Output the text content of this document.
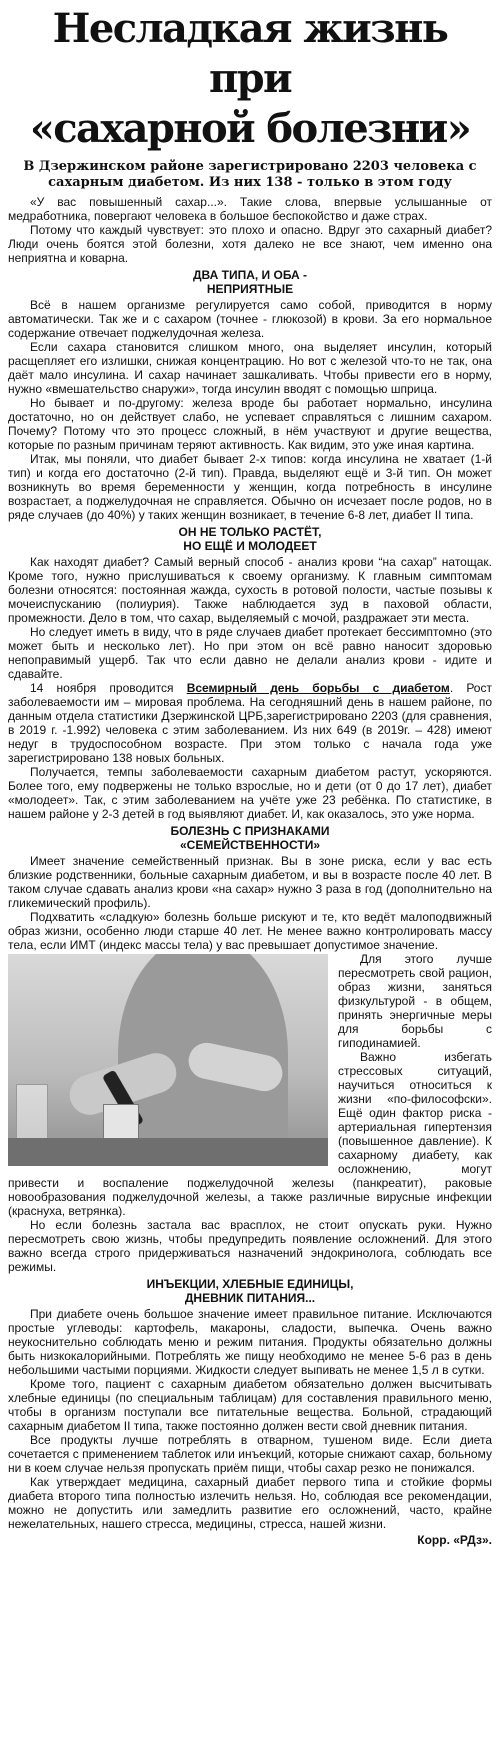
Несладкая жизнь при
«сахарной болезни»
В Дзержинском районе зарегистрировано 2203 человека с сахарным диабетом. Из них 138 - только в этом году

«У вас повышенный сахар...». Такие слова, впервые услышанные от медработника, повергают человека в большое беспокойство и даже страх.

Потому что каждый чувствует: это плохо и опасно. Вдруг это сахарный диабет? Люди очень боятся этой болезни, хотя далеко не все знают, чем именно она неприятна и коварна.

ДВА ТИПА, И ОБА -
НЕПРИЯТНЫЕ

Всё в нашем организме регулируется само собой, приводится в норму автоматически. Так же и с сахаром (точнее - глюкозой) в крови. За его нормальное содержание отвечает поджелудочная железа.

Если сахара становится слишком много, она выделяет инсулин, который расщепляет его излишки, снижая концентрацию. Но вот с железой что-то не так, она даёт мало инсулина. И сахар начинает зашкаливать. Чтобы привести его в норму, нужно «вмешательство снаружи», тогда инсулин вводят с помощью шприца.

Но бывает и по-другому: железа вроде бы работает нормально, инсулина достаточно, но он действует слабо, не успевает справляться с лишним сахаром. Почему? Потому что это процесс сложный, в нём участвуют и другие вещества, которые по разным причинам теряют активность. Как видим, это уже иная картина.

Итак, мы поняли, что диабет бывает 2-х типов: когда инсулина не хватает (1-й тип) и когда его достаточно (2-й тип). Правда, выделяют ещё и 3-й тип. Он может возникнуть во время беременности у женщин, когда потребность в инсулине возрастает, а поджелудочная не справляется. Обычно он исчезает после родов, но в ряде случаев (до 40%) у таких женщин возникает, в течение 6-8 лет, диабет II типа.

ОН НЕ ТОЛЬКО РАСТЁТ,
НО ЕЩЁ И МОЛОДЕЕТ

Как находят диабет? Самый верный способ - анализ крови “на сахар” натощак. Кроме того, нужно прислушиваться к своему организму. К главным симптомам болезни относятся: постоянная жажда, сухость в ротовой полости, частые позывы к мочеиспусканию (полиурия). Также наблюдается зуд в паховой области, промежности. Дело в том, что сахар, выделяемый с мочой, раздражает эти места.

Но следует иметь в виду, что в ряде случаев диабет протекает бессимптомно (это может быть и несколько лет). Но при этом он всё равно наносит здоровью непоправимый ущерб. Так что если давно не делали анализ крови - идите и сдавайте.

14 ноября проводится Всемирный день борьбы с диабетом. Рост заболеваемости им – мировая проблема. На сегодняшний день в нашем районе, по данным отдела статистики Дзержинской ЦРБ,зарегистрировано 2203 (для сравнения, в 2019 г. -1.992) человека с этим заболеванием. Из них 649 (в 2019г. – 428) имеют недуг в трудоспособном возрасте. При этом только с начала года уже зарегистрировано 138 новых больных.

Получается, темпы заболеваемости сахарным диабетом растут, ускоряются. Более того, ему подвержены не только взрослые, но и дети (от 0 до 17 лет), диабет «молодеет». Так, с этим заболеванием на учёте уже 23 ребёнка. По статистике, в нашем районе у 2-3 детей в год выявляют диабет. И, как оказалось, это уже норма.

БОЛЕЗНЬ С ПРИЗНАКАМИ
«СЕМЕЙСТВЕННОСТИ»

Имеет значение семейственный признак. Вы в зоне риска, если у вас есть близкие родственники, больные сахарным диабетом, и вы в возрасте после 40 лет. В таком случае сдавать анализ крови «на сахар» нужно 3 раза в год (дополнительно на гликемический профиль).

Подхватить «сладкую» болезнь больше рискуют и те, кто ведёт малоподвижный образ жизни, особенно люди старше 40 лет. Не менее важно контролировать массу тела, если ИМТ (индекс массы тела) у вас превышает допустимое значение.

Для этого лучше пересмотреть свой рацион, образ жизни, заняться физкультурой - в общем, принять энергичные меры для борьбы с гиподинамией.

Важно избегать стрессовых ситуаций, научиться относиться к жизни «по-философски». Ещё один фактор риска - артериальная гипертензия (повышенное давление). К сахарному диабету, как осложнению, могут привести и воспаление поджелудочной железы (панкреатит), раковые новообразования поджелудочной железы, а также различные вирусные инфекции (краснуха, ветрянка).

Но если болезнь застала вас врасплох, не стоит опускать руки. Нужно пересмотреть свою жизнь, чтобы предупредить появление осложнений. Для этого важно всегда строго придерживаться назначений эндокринолога, соблюдать все режимы.

ИНЪЕКЦИИ, ХЛЕБНЫЕ ЕДИНИЦЫ,
ДНЕВНИК ПИТАНИЯ...

При диабете очень большое значение имеет правильное питание. Исключаются простые углеводы: картофель, макароны, сладости, выпечка. Очень важно неукоснительно соблюдать меню и режим питания. Продукты обязательно должны быть низкокалорийными. Потреблять же пищу необходимо не менее 5-6 раз в день небольшими частыми порциями. Жидкости следует выпивать не менее 1,5 л в сутки.

Кроме того, пациент с сахарным диабетом обязательно должен высчитывать хлебные единицы (по специальным таблицам) для составления правильного меню, чтобы в организм поступали все питательные вещества. Больной, страдающий сахарным диабетом II типа, также постоянно должен вести свой дневник питания.

Все продукты лучше потреблять в отварном, тушеном виде. Если диета сочетается с применением таблеток или инъекций, которые снижают сахар, больному ни в коем случае нельзя пропускать приём пищи, чтобы сахар резко не понижался.

Как утверждает медицина, сахарный диабет первого типа и стойкие формы диабета второго типа полностью излечить нельзя. Но, соблюдая все рекомендации, можно не допустить или замедлить развитие его осложнений, часто, крайне нежелательных, нашего стресса, медицины, стресса, нашей жизни.

Корр. «РДз».
